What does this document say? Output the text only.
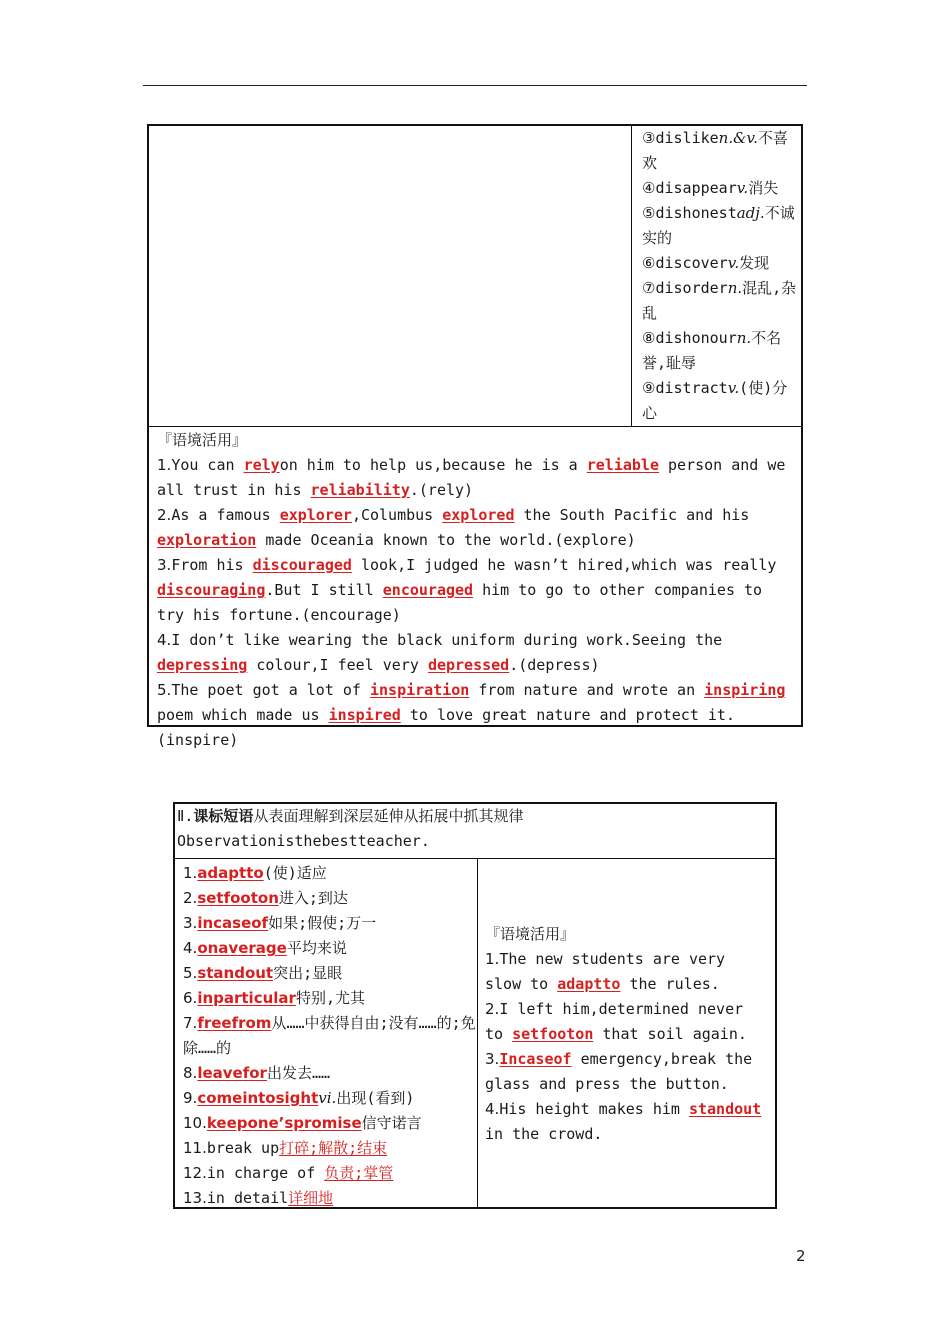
③disliken.&v.不喜欢

④disappearv.消失

⑤dishonestadj.不诚实的

⑥discoverv.发现

⑦disordern.混乱,杂乱

⑧dishonourn.不名誉,耻辱

⑨distractv.(使)分心

『语境活用』

1.You can relyon him to help us,because he is a reliable person and we all trust in his reliability.(rely)

2.As a famous explorer,Columbus explored the South Pacific and his exploration made Oceania known to the world.(explore)

3.From his discouraged look,I judged he wasn’t hired,which was really discouraging.But I still encouraged him to go to other companies to try his fortune.(encourage)

4.I don’t like wearing the black uniform during work.Seeing the depressing colour,I feel very depressed.(depress)

5.The poet got a lot of inspiration from nature and wrote an inspiring poem which made us inspired to love great nature and protect it.(inspire)

Ⅱ.课标短语从表面理解到深层延伸从拓展中抓其规律

Observationisthebestteacher.

1.adaptto(使)适应

2.setfooton进入;到达

3.incaseof如果;假使;万一

4.onaverage平均来说

5.standout突出;显眼

6.inparticular特别,尤其

7.freefrom从……中获得自由;没有……的;免除……的

8.leavefor出发去……

9.comeintosightvi.出现(看到)

10.keepone’spromise信守诺言

11.break up打碎;解散;结束

12.in charge of 负责;掌管

13.in detail详细地

『语境活用』

1.The new students are very slow to adaptto the rules.

2.I left him,determined never to setfooton that soil again.

3.Incaseof emergency,break the glass and press the button.

4.His height makes him standout in the crowd.

2
